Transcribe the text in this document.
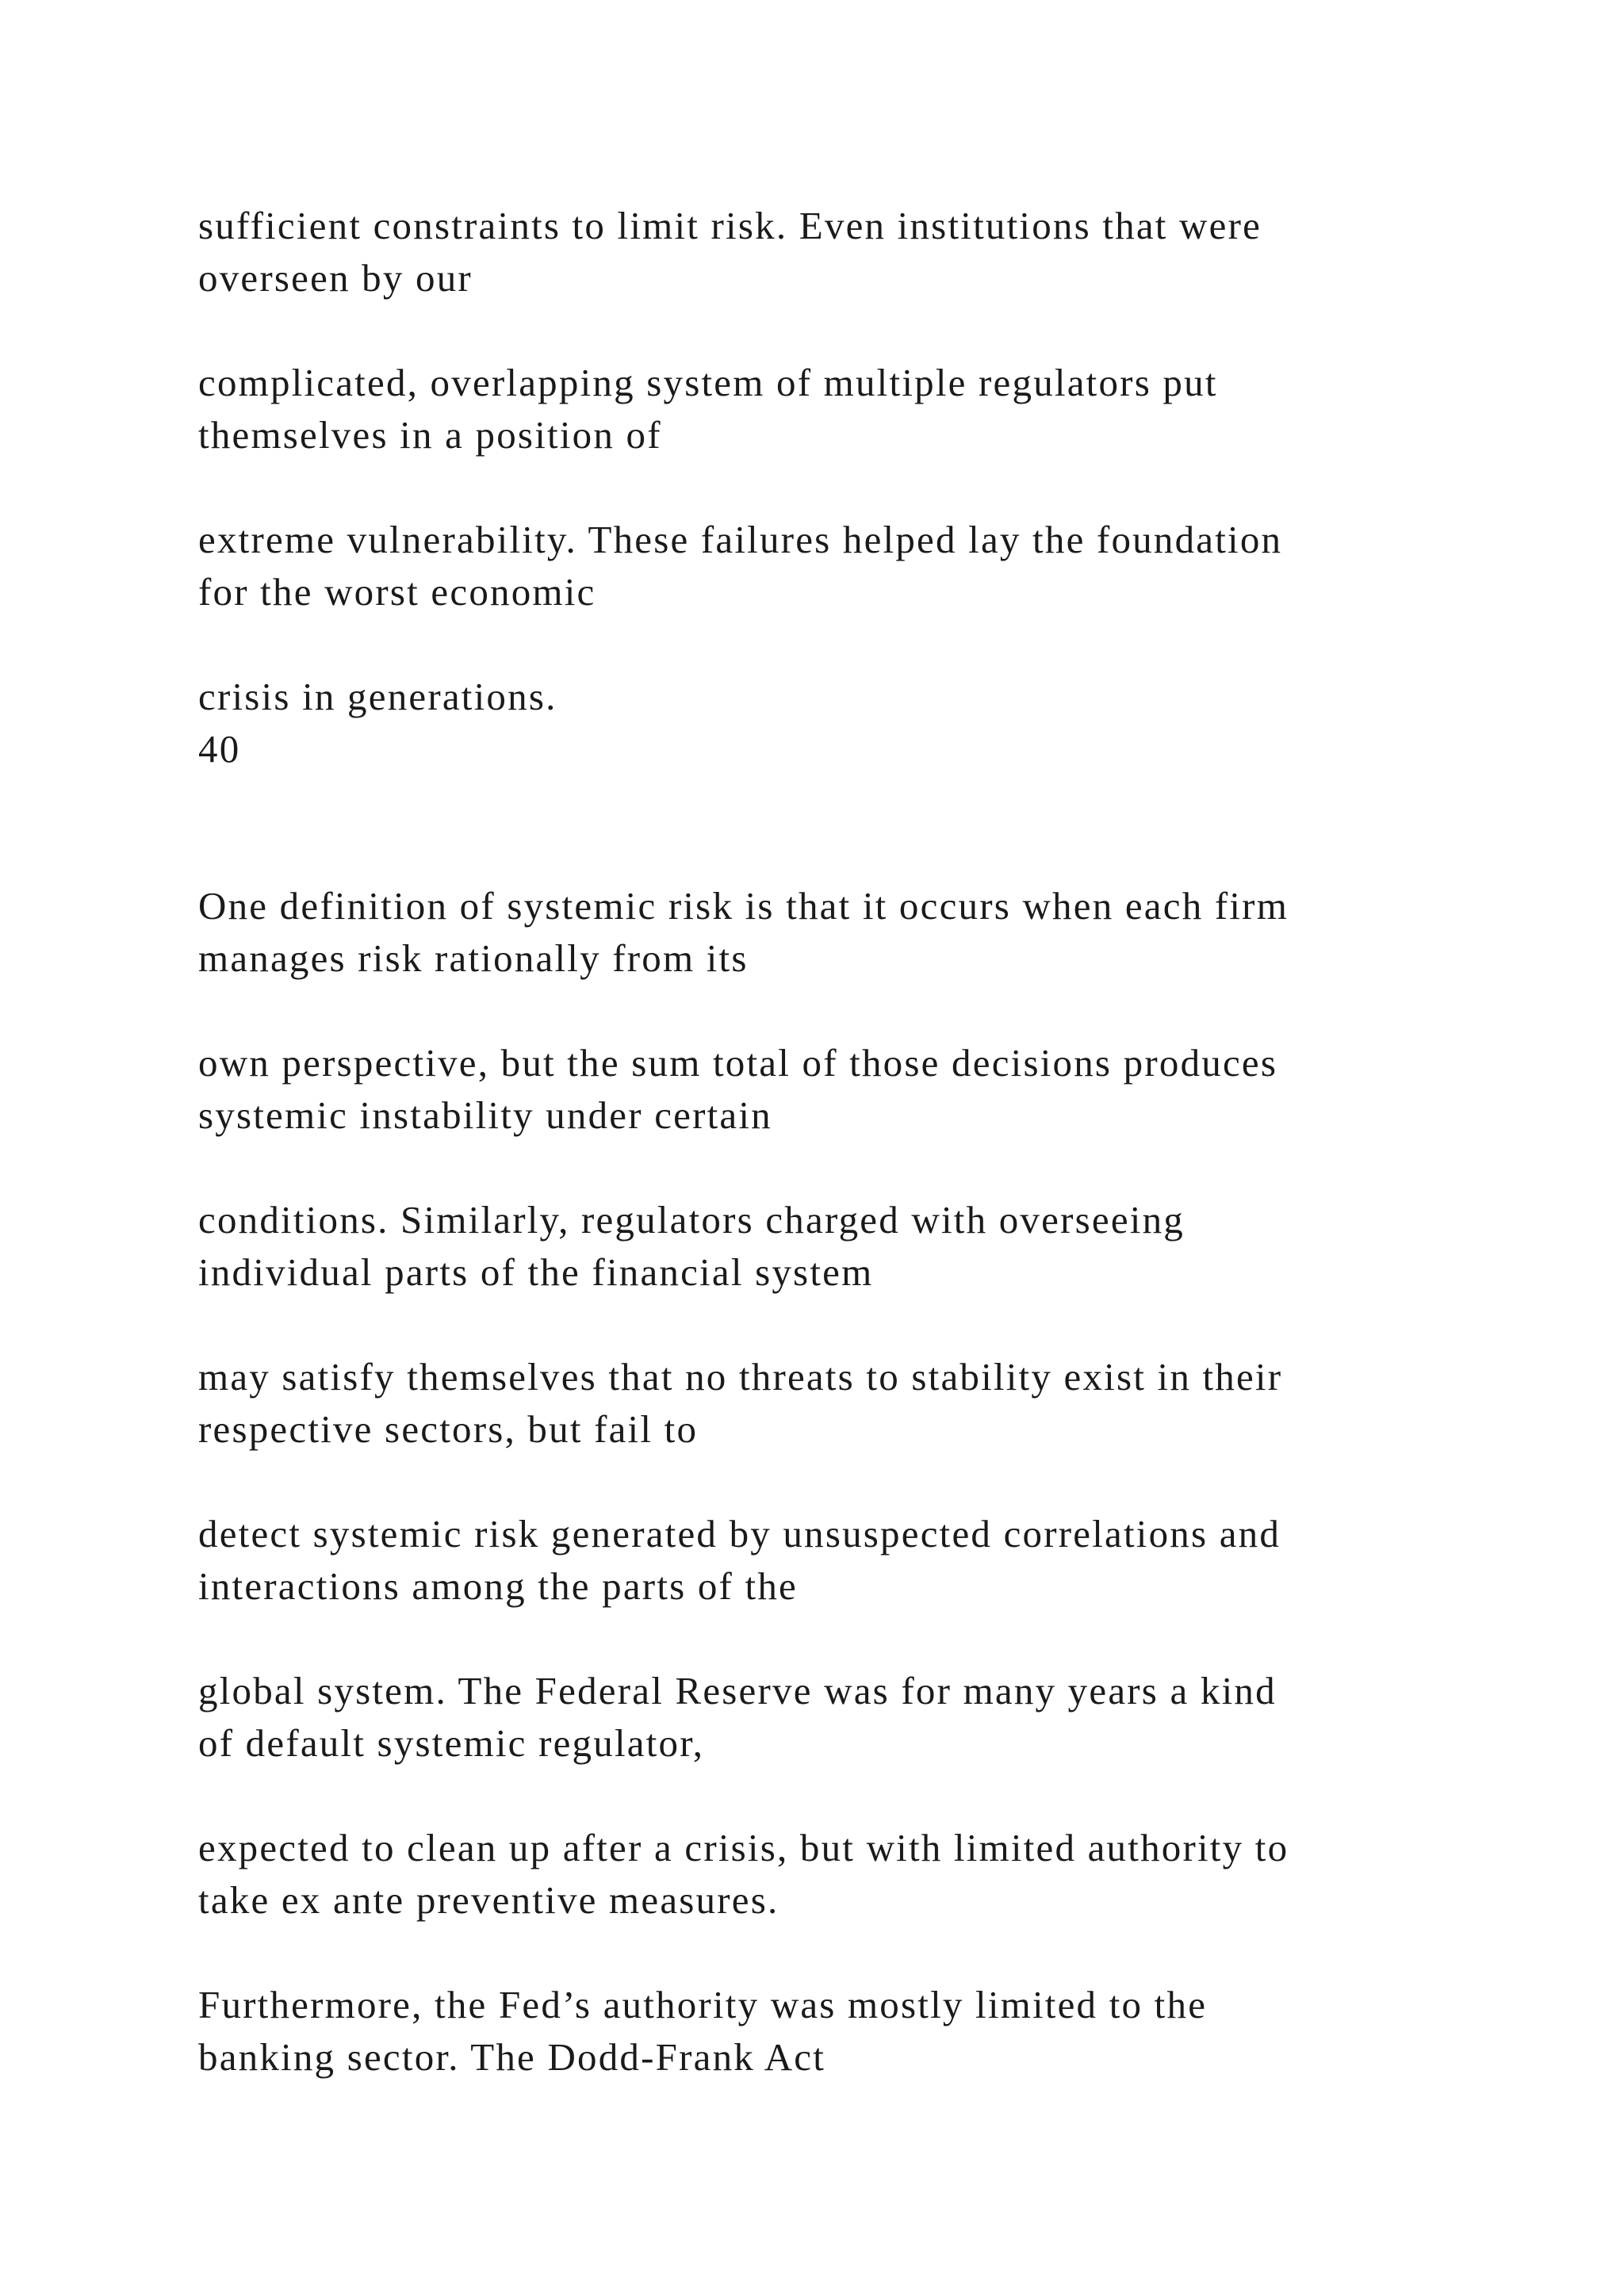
sufficient constraints to limit risk. Even institutions that were
overseen by our

complicated, overlapping system of multiple regulators put
themselves in a position of

extreme vulnerability. These failures helped lay the foundation
for the worst economic

crisis in generations.
40

One definition of systemic risk is that it occurs when each firm
manages risk rationally from its

own perspective, but the sum total of those decisions produces
systemic instability under certain

conditions. Similarly, regulators charged with overseeing
individual parts of the financial system

may satisfy themselves that no threats to stability exist in their
respective sectors, but fail to

detect systemic risk generated by unsuspected correlations and
interactions among the parts of the

global system. The Federal Reserve was for many years a kind
of default systemic regulator,

expected to clean up after a crisis, but with limited authority to
take ex ante preventive measures.

Furthermore, the Fed’s authority was mostly limited to the
banking sector. The Dodd-Frank Act
